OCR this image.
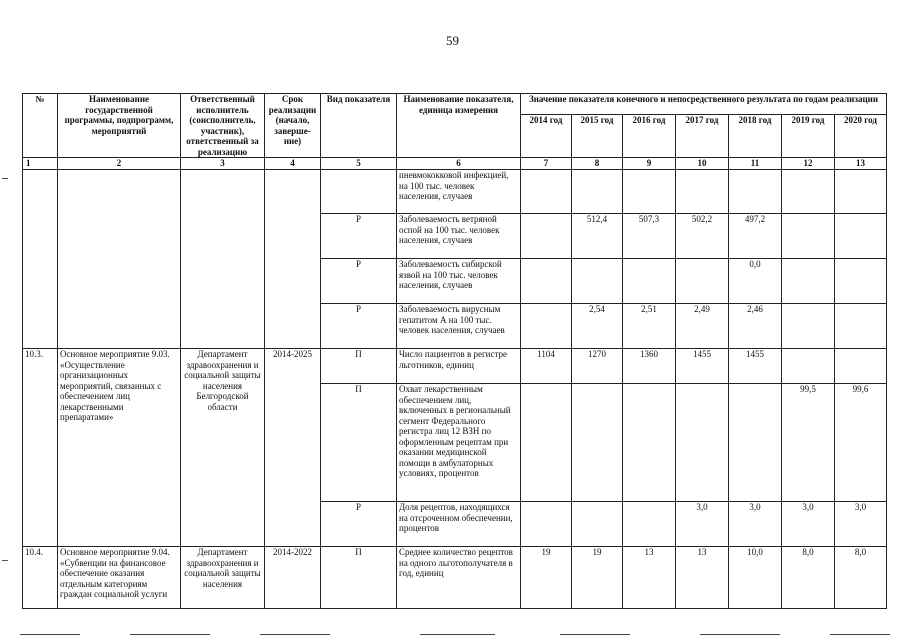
59
№	Наименование государственной программы, подпрограмм, мероприятий	Ответственный исполнитель (соисполнитель, участник), ответственный за реализацию	Срок реализации (начало, заверше-ние)	Вид показателя	Наименование показателя, единица измерения	Значение показателя конечного и непосредственного результата по годам реализации						
						2014 год	2015 год	2016 год	2017 год	2018 год	2019 год	2020 год
1	2	3	4	5	6	7	8	9	10	11	12	13
					пневмококковой инфекцией, на 100 тыс. человек населения, случаев							
				Р	Заболеваемость ветряной оспой на 100 тыс. человек населения, случаев		512,4	507,3	502,2	497,2		
				Р	Заболеваемость сибирской язвой на 100 тыс. человек населения, случаев					0,0		
				Р	Заболеваемость вирусным гепатитом А на 100 тыс. человек населения, случаев		2,54	2,51	2,49	2,46		
10.3.	Основное мероприятие 9.03. «Осуществление организационных мероприятий, связанных с обеспечением лиц лекарственными препаратами»	Департамент здравоохранения и социальной защиты населения Белгородской области	2014-2025	П	Число пациентов в регистре льготников, единиц	1104	1270	1360	1455	1455		
				П	Охват лекарственным обеспечением лиц, включенных в региональный сегмент Федерального регистра лиц 12 ВЗН по оформленным рецептам при оказании медицинской помощи в амбулаторных условиях, процентов						99,5	99,6
				Р	Доля рецептов, находящихся на отсроченном обеспечении, процентов				3,0	3,0	3,0	3,0
10.4.	Основное мероприятие 9.04. «Субвенции на финансовое обеспечение оказания отдельным категориям граждан социальной услуги	Департамент здравоохранения и социальной защиты населения	2014-2022	П	Среднее количество рецептов на одного льготополучателя в год, единиц	19	19	13	13	10,0	8,0	8,0
